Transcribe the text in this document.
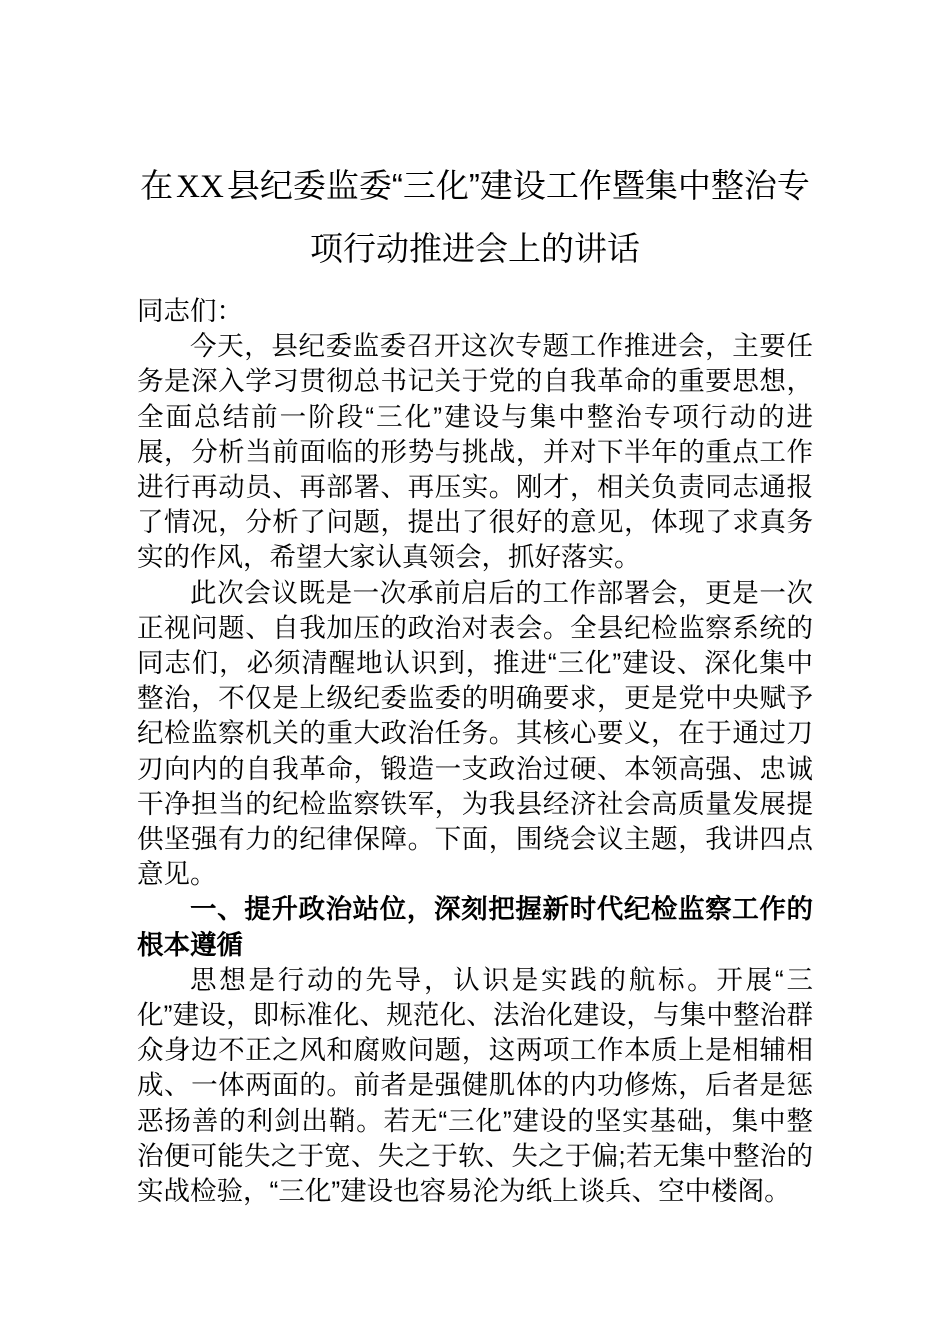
在XX县纪委监委“三化”建设工作暨集中整治专项行动推进会上的讲话

同志们：

今天，县纪委监委召开这次专题工作推进会，主要任务是深入学习贯彻总书记关于党的自我革命的重要思想，全面总结前一阶段“三化”建设与集中整治专项行动的进展，分析当前面临的形势与挑战，并对下半年的重点工作进行再动员、再部署、再压实。刚才，相关负责同志通报了情况，分析了问题，提出了很好的意见，体现了求真务实的作风，希望大家认真领会，抓好落实。

此次会议既是一次承前启后的工作部署会，更是一次正视问题、自我加压的政治对表会。全县纪检监察系统的同志们，必须清醒地认识到，推进“三化”建设、深化集中整治，不仅是上级纪委监委的明确要求，更是党中央赋予纪检监察机关的重大政治任务。其核心要义，在于通过刀刃向内的自我革命，锻造一支政治过硬、本领高强、忠诚干净担当的纪检监察铁军，为我县经济社会高质量发展提供坚强有力的纪律保障。下面，围绕会议主题，我讲四点意见。

一、提升政治站位，深刻把握新时代纪检监察工作的根本遵循

思想是行动的先导，认识是实践的航标。开展“三化”建设，即标准化、规范化、法治化建设，与集中整治群众身边不正之风和腐败问题，这两项工作本质上是相辅相成、一体两面的。前者是强健肌体的内功修炼，后者是惩恶扬善的利剑出鞘。若无“三化”建设的坚实基础，集中整治便可能失之于宽、失之于软、失之于偏;若无集中整治的实战检验，“三化”建设也容易沦为纸上谈兵、空中楼阁。
